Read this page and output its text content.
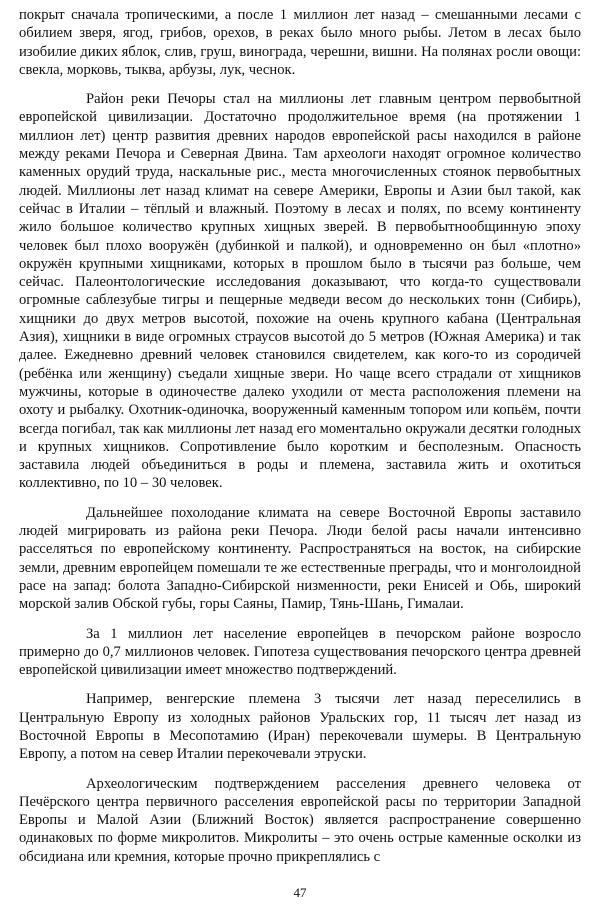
покрыт сначала тропическими, а после 1 миллион лет назад – смешанными лесами с обилием зверя, ягод, грибов, орехов, в реках было много рыбы. Летом в лесах было изобилие диких яблок, слив, груш, винограда, черешни, вишни. На полянах росли овощи: свекла, морковь, тыква, арбузы, лук, чеснок.

Район реки Печоры стал на миллионы лет главным центром первобытной европейской цивилизации. Достаточно продолжительное время (на протяжении 1 миллион лет) центр развития древних народов европейской расы находился в районе между реками Печора и Северная Двина. Там археологи находят огромное количество каменных орудий труда, наскальные рис., места многочисленных стоянок первобытных людей. Миллионы лет назад климат на севере Америки, Европы и Азии был такой, как сейчас в Италии – тёплый и влажный. Поэтому в лесах и полях, по всему континенту жило большое количество крупных хищных зверей. В первобытнообщинную эпоху человек был плохо вооружён (дубинкой и палкой), и одновременно он был «плотно» окружён крупными хищниками, которых в прошлом было в тысячи раз больше, чем сейчас. Палеонтологические исследования доказывают, что когда-то существовали огромные саблезубые тигры и пещерные медведи весом до нескольких тонн (Сибирь), хищники до двух метров высотой, похожие на очень крупного кабана (Центральная Азия), хищники в виде огромных страусов высотой до 5 метров (Южная Америка) и так далее. Ежедневно древний человек становился свидетелем, как кого-то из сородичей (ребёнка или женщину) съедали хищные звери. Но чаще всего страдали от хищников мужчины, которые в одиночестве далеко уходили от места расположения племени на охоту и рыбалку. Охотник-одиночка, вооруженный каменным топором или копьём, почти всегда погибал, так как миллионы лет назад его моментально окружали десятки голодных и крупных хищников. Сопротивление было коротким и бесполезным. Опасность заставила людей объединиться в роды и племена, заставила жить и охотиться коллективно, по 10 – 30 человек.

Дальнейшее похолодание климата на севере Восточной Европы заставило людей мигрировать из района реки Печора. Люди белой расы начали интенсивно расселяться по европейскому континенту. Распространяться на восток, на сибирские земли, древним европейцем помешали те же естественные преграды, что и монголоидной расе на запад: болота Западно-Сибирской низменности, реки Енисей и Обь, широкий морской залив Обской губы, горы Саяны, Памир, Тянь-Шань, Гималаи.

За 1 миллион лет население европейцев в печорском районе возросло примерно до 0,7 миллионов человек. Гипотеза существования печорского центра древней европейской цивилизации имеет множество подтверждений.

Например, венгерские племена 3 тысячи лет назад переселились в Центральную Европу из холодных районов Уральских гор, 11 тысяч лет назад из Восточной Европы в Месопотамию (Иран) перекочевали шумеры. В Центральную Европу, а потом на север Италии перекочевали этруски.

Археологическим подтверждением расселения древнего человека от Печёрского центра первичного расселения европейской расы по территории Западной Европы и Малой Азии (Ближний Восток) является распространение совершенно одинаковых по форме микролитов. Микролиты – это очень острые каменные осколки из обсидиана или кремния, которые прочно прикреплялись с

47
